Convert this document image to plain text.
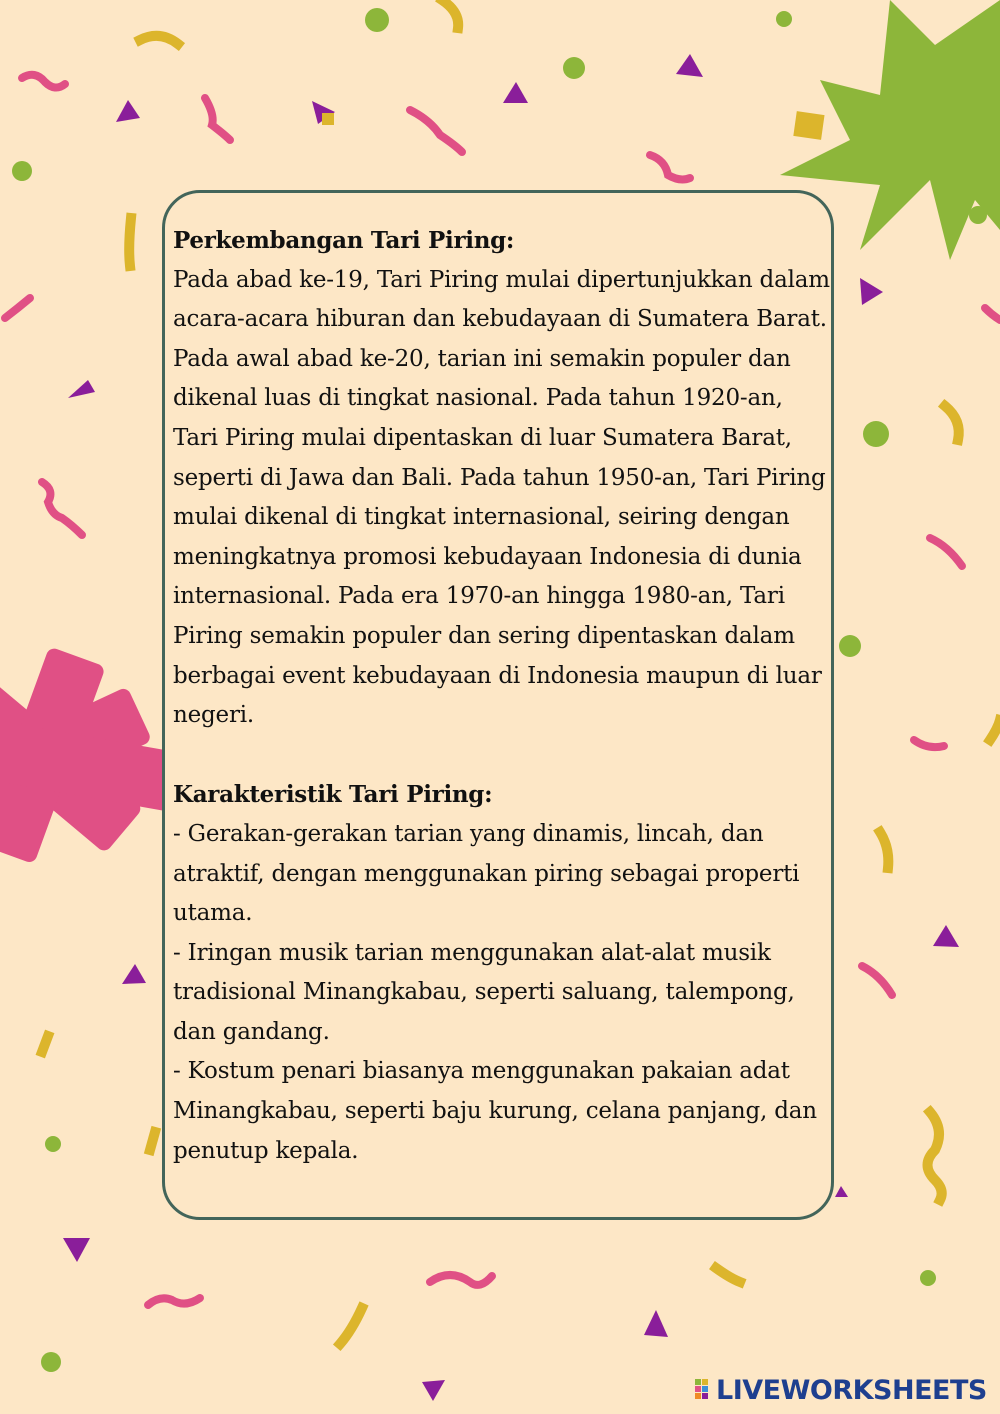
Perkembangan Tari Piring:
Pada abad ke-19, Tari Piring mulai dipertunjukkan dalam acara-acara hiburan dan kebudayaan di Sumatera Barat. Pada awal abad ke-20, tarian ini semakin populer dan dikenal luas di tingkat nasional. Pada tahun 1920-an, Tari Piring mulai dipentaskan di luar Sumatera Barat, seperti di Jawa dan Bali. Pada tahun 1950-an, Tari Piring mulai dikenal di tingkat internasional, seiring dengan meningkatnya promosi kebudayaan Indonesia di dunia internasional. Pada era 1970-an hingga 1980-an, Tari Piring semakin populer dan sering dipentaskan dalam berbagai event kebudayaan di Indonesia maupun di luar negeri.
Karakteristik Tari Piring:
- Gerakan-gerakan tarian yang dinamis, lincah, dan atraktif, dengan menggunakan piring sebagai properti utama.
- Iringan musik tarian menggunakan alat-alat musik tradisional Minangkabau, seperti saluang, talempong, dan gandang.
- Kostum penari biasanya menggunakan pakaian adat Minangkabau, seperti baju kurung, celana panjang, dan penutup kepala.
LIVEWORKSHEETS
